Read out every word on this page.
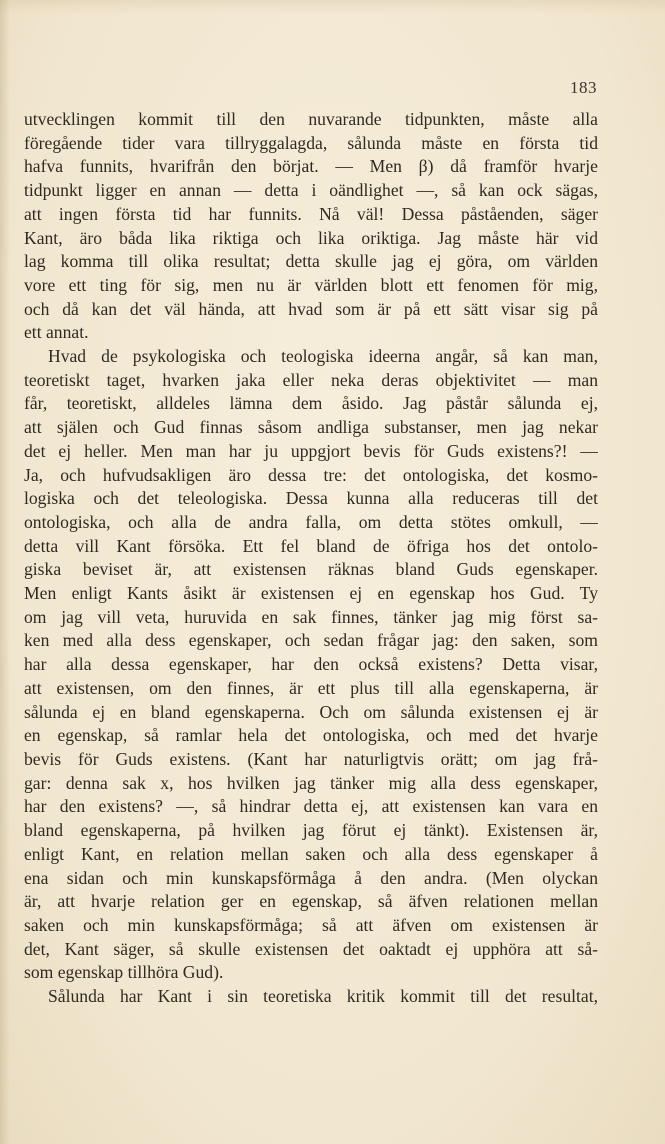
183
utvecklingen kommit till den nuvarande tidpunkten, måste alla
föregående tider vara tillryggalagda, sålunda måste en första tid
hafva funnits, hvarifrån den börjat. — Men β) då framför hvarje
tidpunkt ligger en annan — detta i oändlighet —, så kan ock sägas,
att ingen första tid har funnits. Nå väl! Dessa påståenden, säger
Kant, äro båda lika riktiga och lika oriktiga. Jag måste här vid
lag komma till olika resultat; detta skulle jag ej göra, om världen
vore ett ting för sig, men nu är världen blott ett fenomen för mig,
och då kan det väl hända, att hvad som är på ett sätt visar sig på
ett annat.
Hvad de psykologiska och teologiska ideerna angår, så kan man,
teoretiskt taget, hvarken jaka eller neka deras objektivitet — man
får, teoretiskt, alldeles lämna dem åsido. Jag påstår sålunda ej,
att själen och Gud finnas såsom andliga substanser, men jag nekar
det ej heller. Men man har ju uppgjort bevis för Guds existens?! —
Ja, och hufvudsakligen äro dessa tre: det ontologiska, det kosmo-
logiska och det teleologiska. Dessa kunna alla reduceras till det
ontologiska, och alla de andra falla, om detta stötes omkull, —
detta vill Kant försöka. Ett fel bland de öfriga hos det ontolo-
giska beviset är, att existensen räknas bland Guds egenskaper.
Men enligt Kants åsikt är existensen ej en egenskap hos Gud. Ty
om jag vill veta, huruvida en sak finnes, tänker jag mig först sa-
ken med alla dess egenskaper, och sedan frågar jag: den saken, som
har alla dessa egenskaper, har den också existens? Detta visar,
att existensen, om den finnes, är ett plus till alla egenskaperna, är
sålunda ej en bland egenskaperna. Och om sålunda existensen ej är
en egenskap, så ramlar hela det ontologiska, och med det hvarje
bevis för Guds existens. (Kant har naturligtvis orätt; om jag frå-
gar: denna sak x, hos hvilken jag tänker mig alla dess egenskaper,
har den existens? —, så hindrar detta ej, att existensen kan vara en
bland egenskaperna, på hvilken jag förut ej tänkt). Existensen är,
enligt Kant, en relation mellan saken och alla dess egenskaper å
ena sidan och min kunskapsförmåga å den andra. (Men olyckan
är, att hvarje relation ger en egenskap, så äfven relationen mellan
saken och min kunskapsförmåga; så att äfven om existensen är
det, Kant säger, så skulle existensen det oaktadt ej upphöra att så-
som egenskap tillhöra Gud).
Sålunda har Kant i sin teoretiska kritik kommit till det resultat,
